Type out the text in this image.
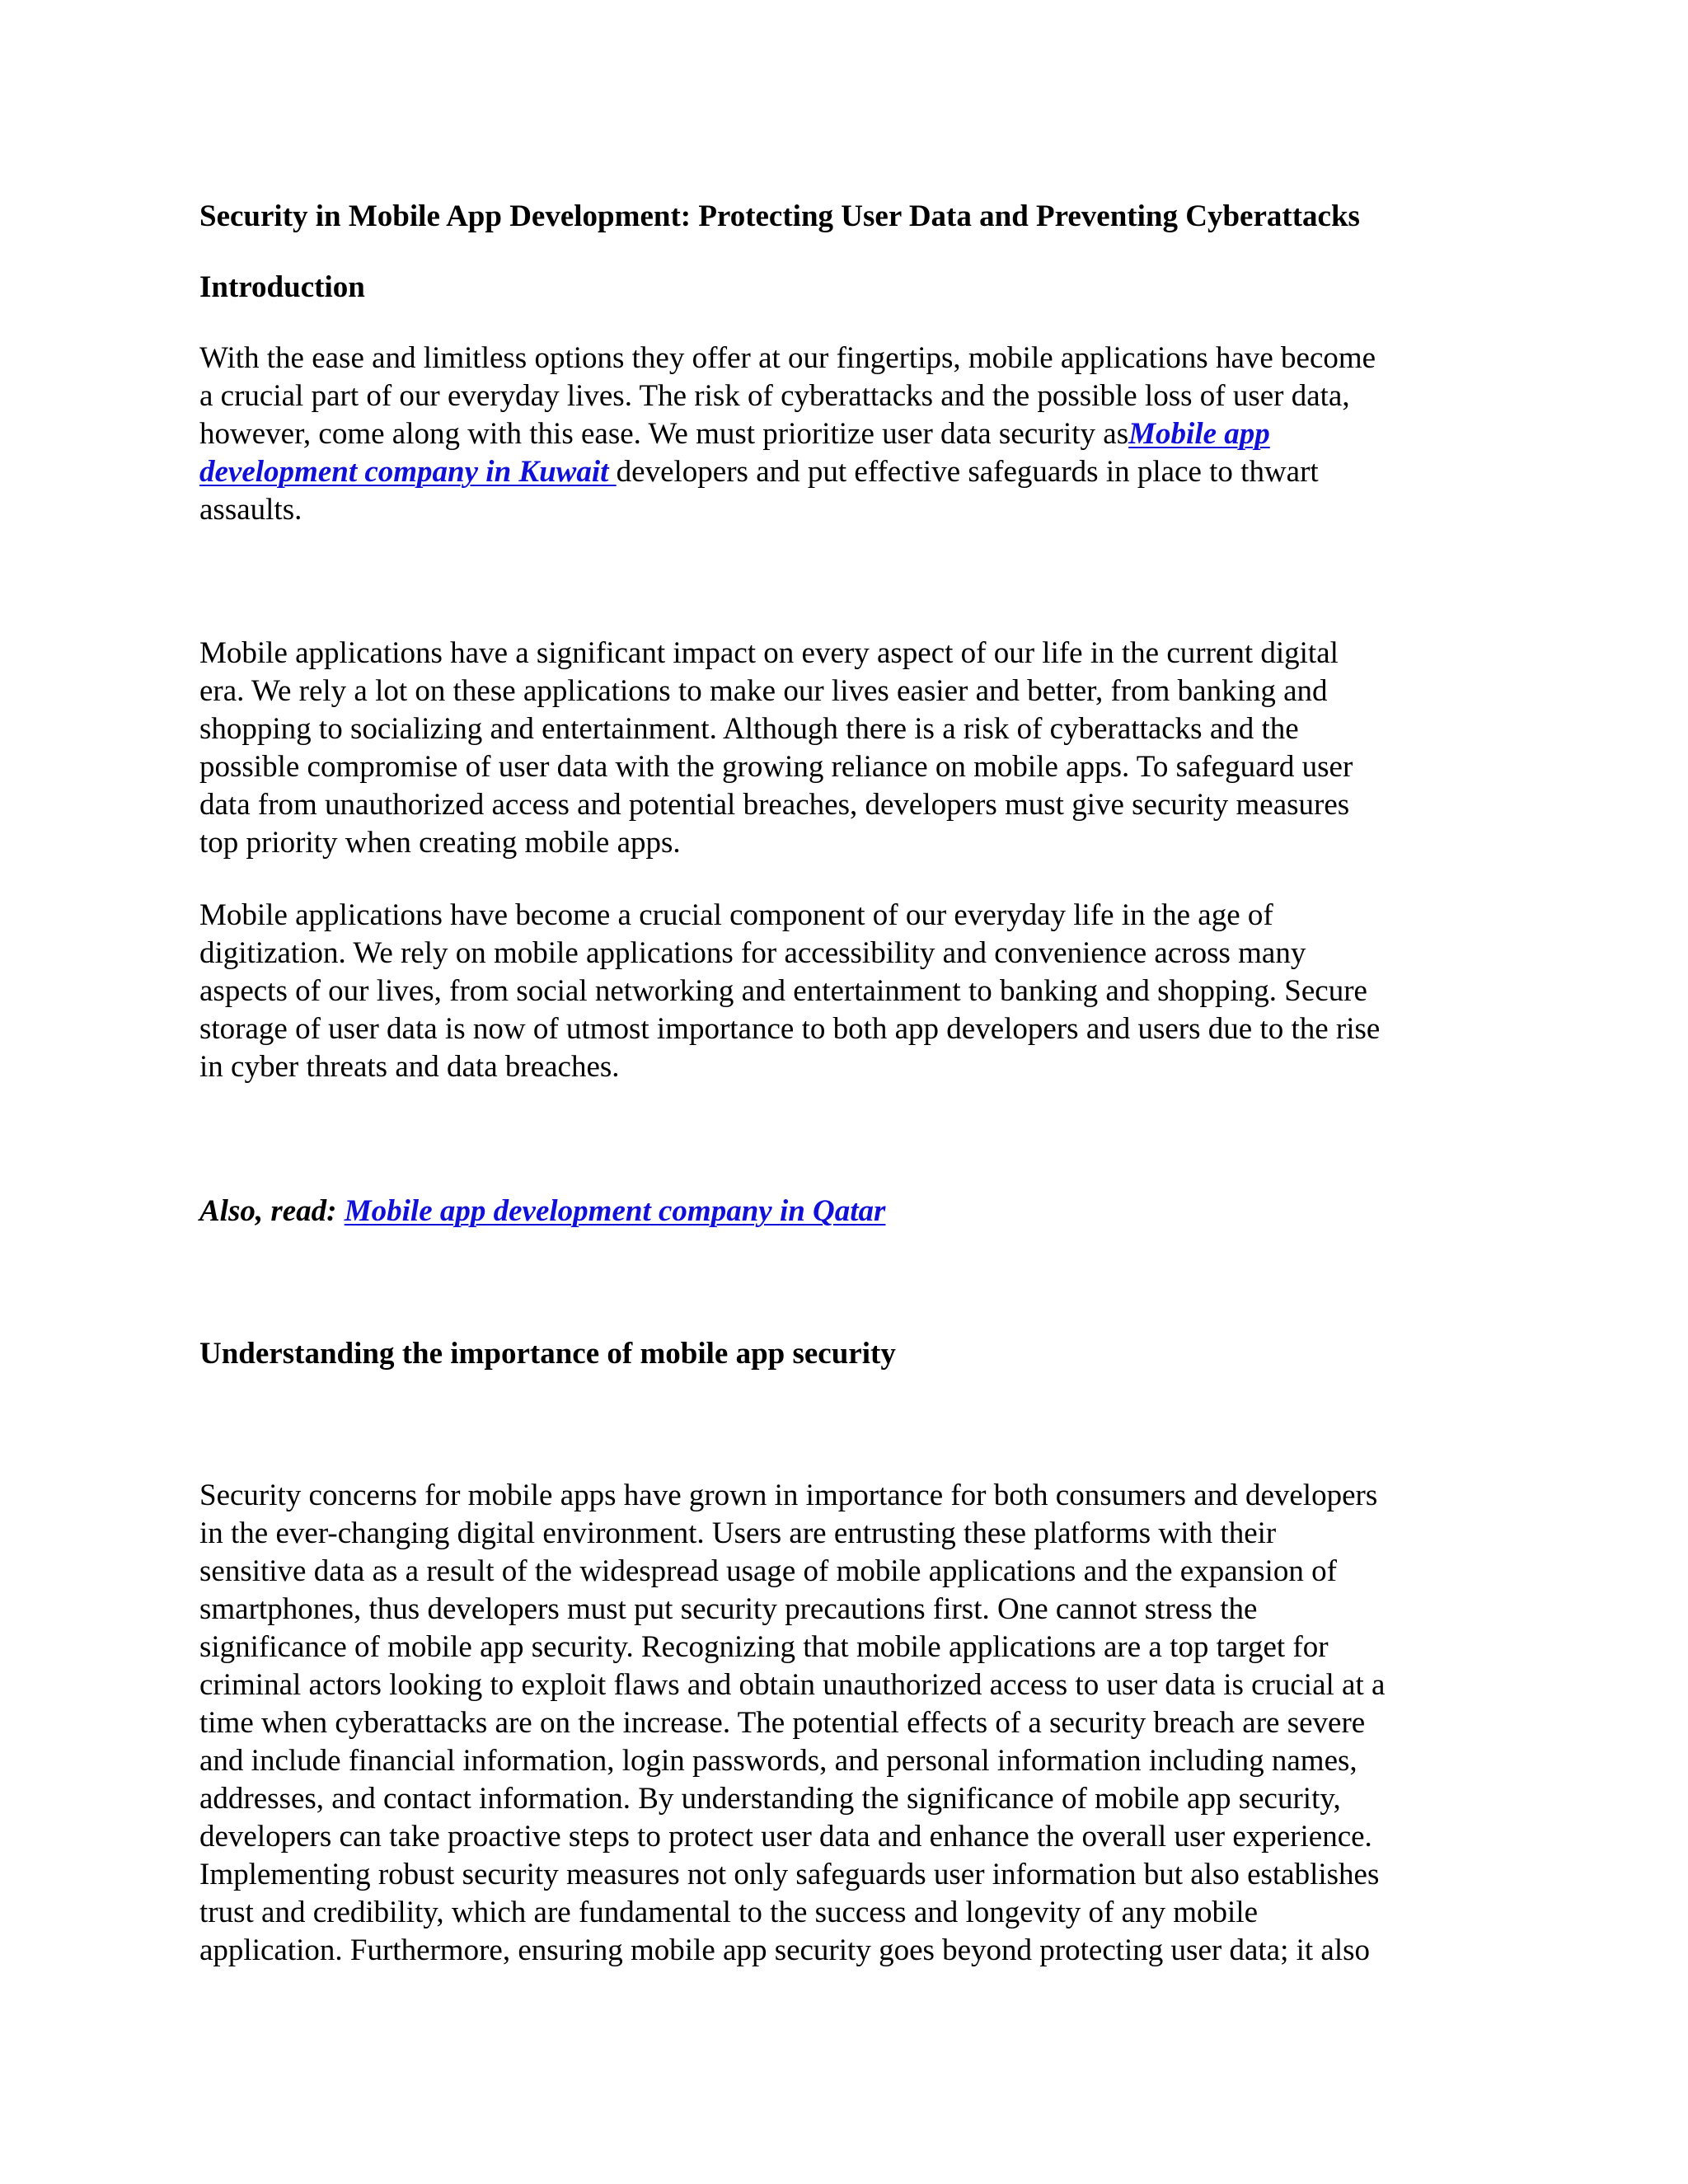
Security in Mobile App Development: Protecting User Data and Preventing Cyberattacks
Introduction
With the ease and limitless options they offer at our fingertips, mobile applications have become
a crucial part of our everyday lives. The risk of cyberattacks and the possible loss of user data,
however, come along with this ease. We must prioritize user data security asMobile app
development company in Kuwait developers and put effective safeguards in place to thwart
assaults.
Mobile applications have a significant impact on every aspect of our life in the current digital
era. We rely a lot on these applications to make our lives easier and better, from banking and
shopping to socializing and entertainment. Although there is a risk of cyberattacks and the
possible compromise of user data with the growing reliance on mobile apps. To safeguard user
data from unauthorized access and potential breaches, developers must give security measures
top priority when creating mobile apps.
Mobile applications have become a crucial component of our everyday life in the age of
digitization. We rely on mobile applications for accessibility and convenience across many
aspects of our lives, from social networking and entertainment to banking and shopping. Secure
storage of user data is now of utmost importance to both app developers and users due to the rise
in cyber threats and data breaches.
Also, read: Mobile app development company in Qatar
Understanding the importance of mobile app security
Security concerns for mobile apps have grown in importance for both consumers and developers
in the ever-changing digital environment. Users are entrusting these platforms with their
sensitive data as a result of the widespread usage of mobile applications and the expansion of
smartphones, thus developers must put security precautions first. One cannot stress the
significance of mobile app security. Recognizing that mobile applications are a top target for
criminal actors looking to exploit flaws and obtain unauthorized access to user data is crucial at a
time when cyberattacks are on the increase. The potential effects of a security breach are severe
and include financial information, login passwords, and personal information including names,
addresses, and contact information. By understanding the significance of mobile app security,
developers can take proactive steps to protect user data and enhance the overall user experience.
Implementing robust security measures not only safeguards user information but also establishes
trust and credibility, which are fundamental to the success and longevity of any mobile
application. Furthermore, ensuring mobile app security goes beyond protecting user data; it also
